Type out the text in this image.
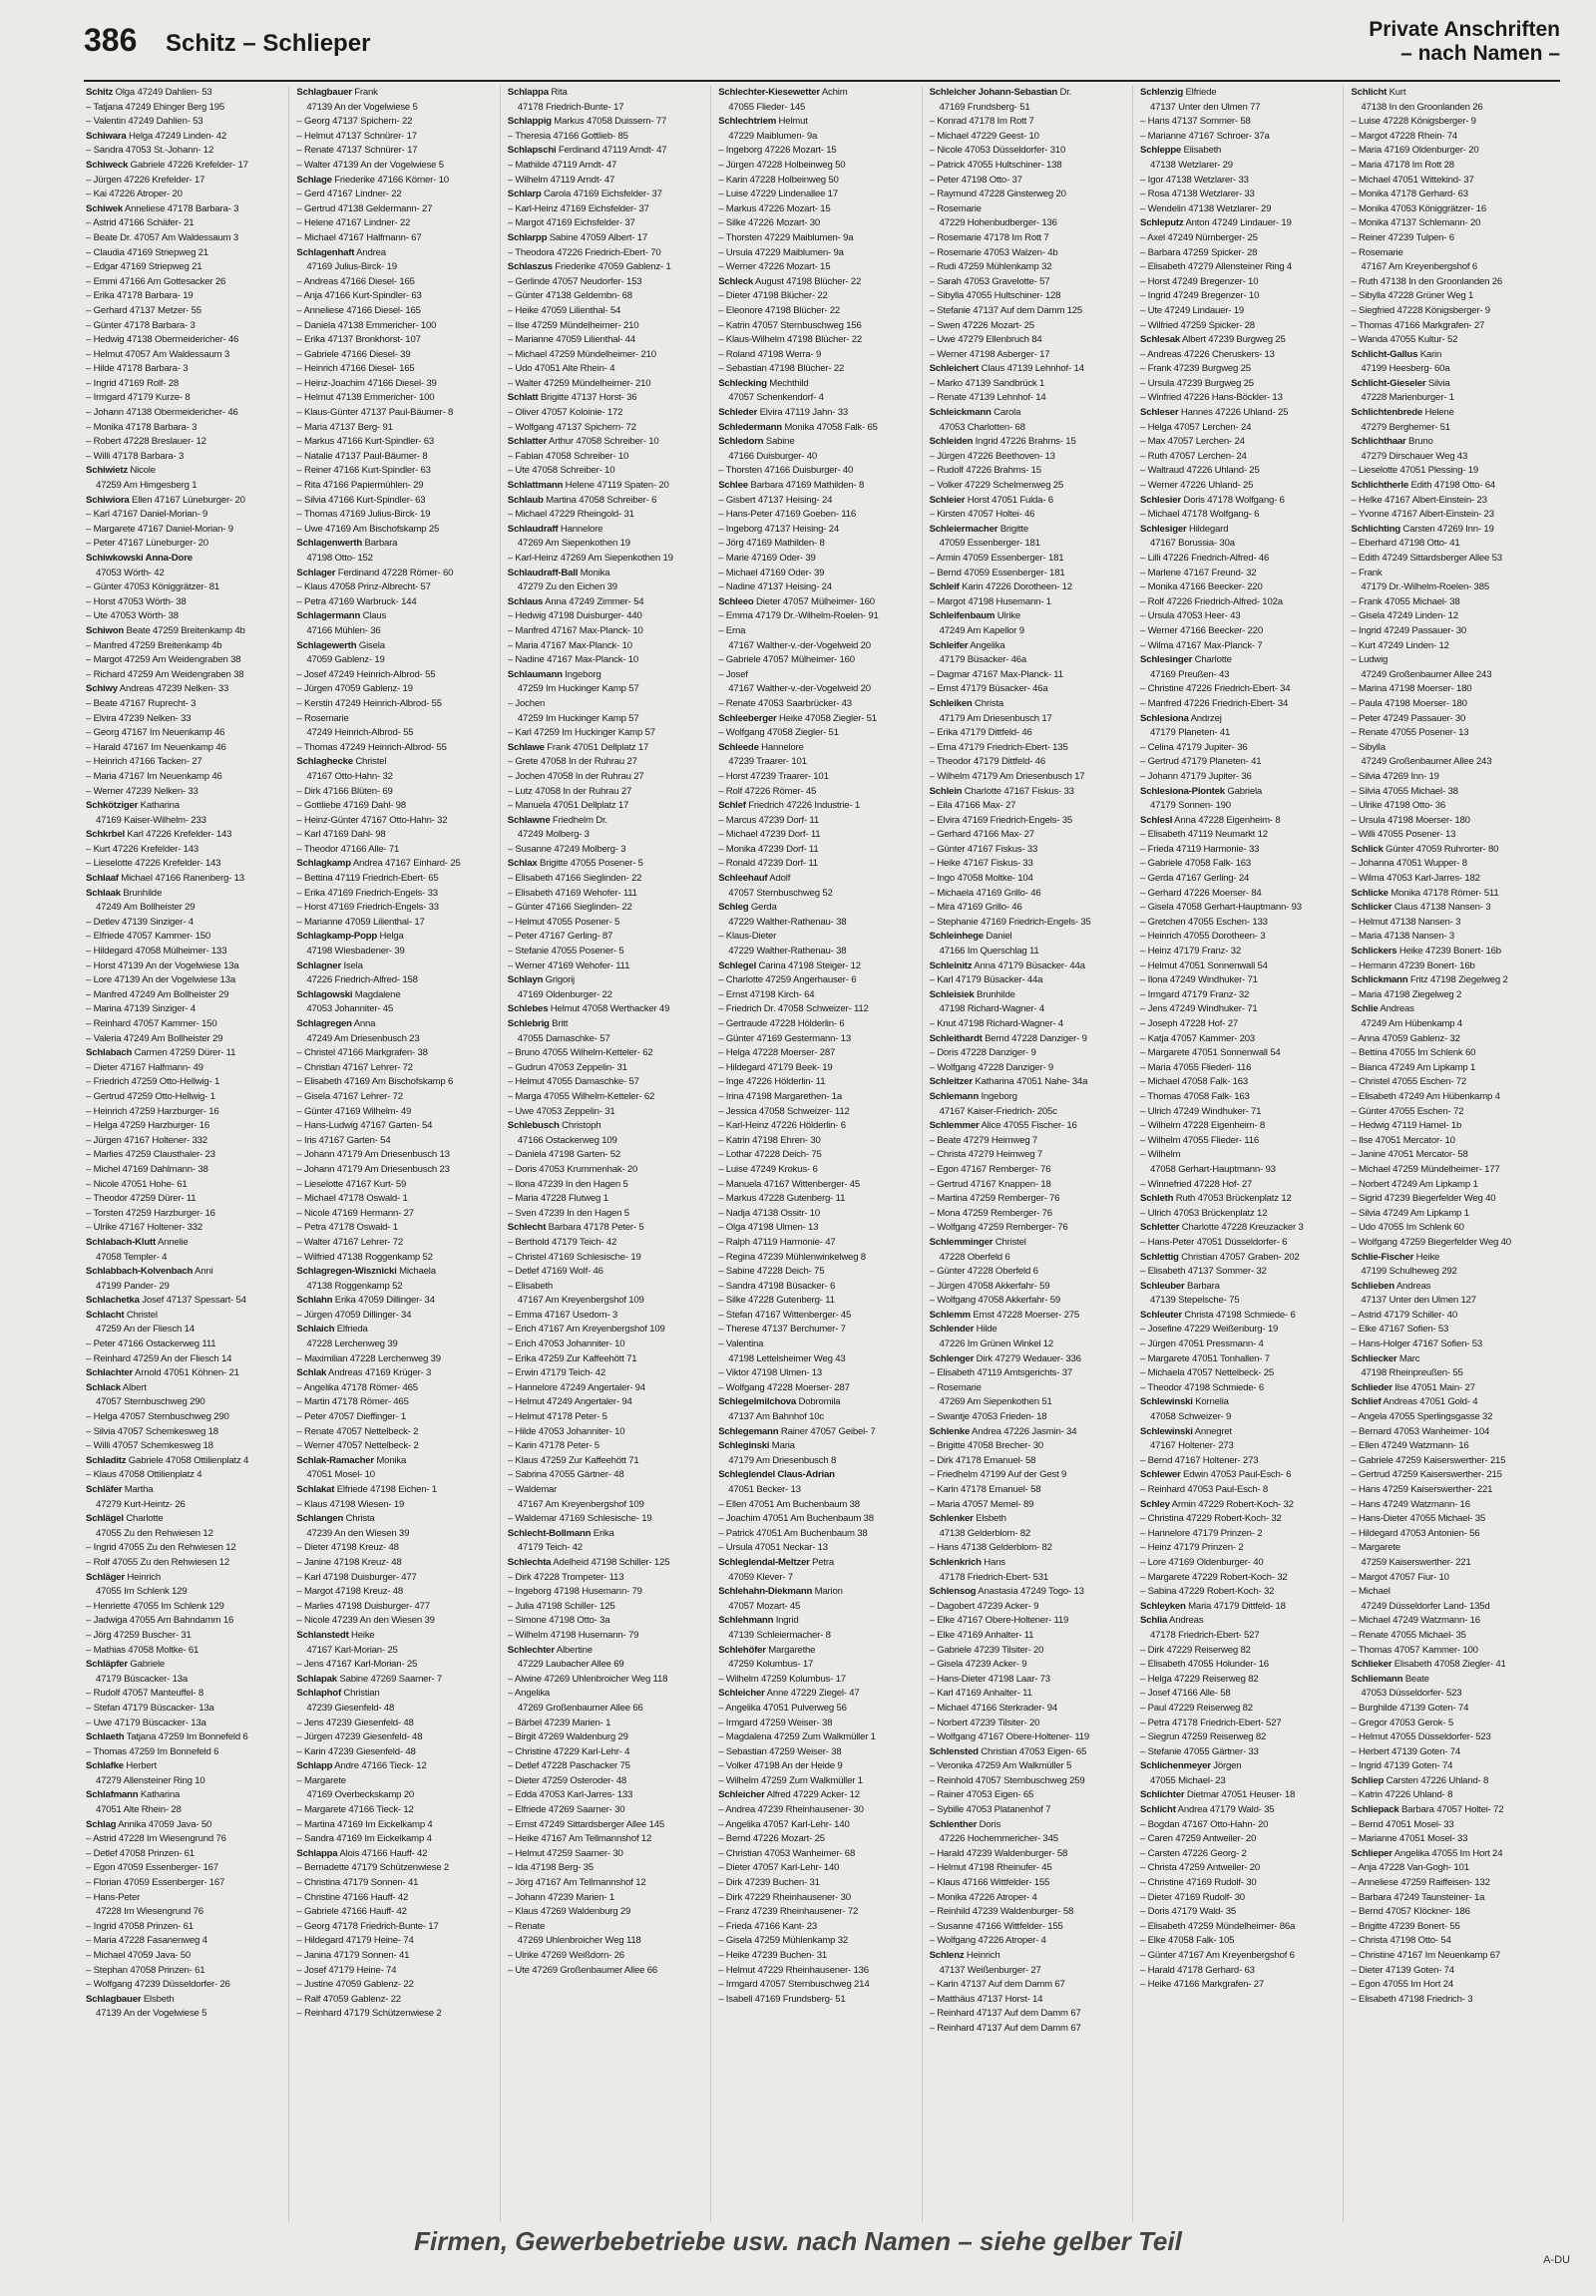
386 Schitz – Schlieper
Private Anschriften
– nach Namen –
Schitz Olga 47249 Dahlien- 53
– Tatjana 47249 Ehinger Berg 195
– Valentin 47249 Dahlien- 53
Schiwara Helga 47249 Linden- 42
– Sandra 47053 St.-Johann- 12
Schiweck Gabriele 47226 Krefelder- 17
– Jürgen 47226 Krefelder- 17
– Kai 47226 Atroper- 20
Schiwek Anneliese 47178 Barbara- 3
– Astrid 47166 Schäfer- 21
– Beate Dr. 47057 Am Waldessaum 3
– Claudia 47169 Striepweg 21
– Edgar 47169 Striepweg 21
– Emmi 47166 Am Gottesacker 26
– Erika 47178 Barbara- 19
– Gerhard 47137 Metzer- 55
– Günter 47178 Barbara- 3
– Hedwig 47138 Obermeidericher- 46
– Helmut 47057 Am Waldessaum 3
– Hilde 47178 Barbara- 3
– Ingrid 47169 Rolf- 28
– Irmgard 47179 Kurze- 8
– Johann 47138 Obermeidericher- 46
– Monika 47178 Barbara- 3
– Robert 47228 Breslauer- 12
– Willi 47178 Barbara- 3
Schiwietz Nicole
47259 Am Himgesberg 1
Schiwiora Ellen 47167 Lüneburger- 20
– Karl 47167 Daniel-Morian- 9
– Margarete 47167 Daniel-Morian- 9
– Peter 47167 Lüneburger- 20
Schiwkowski Anna-Dore
47053 Wörth- 42
– Günter 47053 Königgrätzer- 81
– Horst 47053 Wörth- 38
– Ute 47053 Wörth- 38
Schiwon Beate 47259 Breitenkamp 4b
– Manfred 47259 Breitenkamp 4b
– Margot 47259 Am Weidengraben 38
– Richard 47259 Am Weidengraben 38
Schiwy Andreas 47239 Nelken- 33
– Beate 47167 Ruprecht- 3
– Elvira 47239 Nelken- 33
– Georg 47167 Im Neuenkamp 46
– Harald 47167 Im Neuenkamp 46
– Heinrich 47166 Tacken- 27
– Maria 47167 Im Neuenkamp 46
– Werner 47239 Nelken- 33
Schkötziger Katharina
47169 Kaiser-Wilhelm- 233
Schkrbel Karl 47226 Krefelder- 143
– Kurt 47226 Krefelder- 143
– Lieselotte 47226 Krefelder- 143
Schlaaf Michael 47166 Ranenberg- 13
Schlaak Brunhilde
47249 Am Bollheister 29
– Detlev 47139 Sinziger- 4
– Elfriede 47057 Kammer- 150
– Hildegard 47058 Mülheimer- 133
– Horst 47139 An der Vogelwiese 13a
– Lore 47139 An der Vogelwiese 13a
– Manfred 47249 Am Bollheister 29
– Marina 47139 Sinziger- 4
– Reinhard 47057 Kammer- 150
– Valeria 47249 Am Bollheister 29
Schlabach Carmen 47259 Dürer- 11
– Dieter 47167 Halfmann- 49
– Friedrich 47259 Otto-Hellwig- 1
– Gertrud 47259 Otto-Hellwig- 1
– Heinrich 47259 Harzburger- 16
– Helga 47259 Harzburger- 16
– Jürgen 47167 Holtener- 332
– Marlies 47259 Clausthaler- 23
– Michel 47169 Dahlmann- 38
– Nicole 47051 Hohe- 61
– Theodor 47259 Dürer- 11
– Torsten 47259 Harzburger- 16
– Ulrike 47167 Holtener- 332
Schlabach-Klutt Annelie
47058 Templer- 4
Schlabbach-Kolvenbach Anni
47199 Pander- 29
Schlachetka Josef 47137 Spessart- 54
Schlacht Christel
47259 An der Fliesch 14
– Peter 47166 Ostackerweg 111
– Reinhard 47259 An der Fliesch 14
Schlachter Arnold 47051 Köhnen- 21
Schlack Albert
47057 Sternbuschweg 290
– Helga 47057 Sternbuschweg 290
– Silvia 47057 Schemkesweg 18
– Willi 47057 Schemkesweg 18
Schladitz Gabriele 47058 Ottilienplatz 4
– Klaus 47058 Ottilienplatz 4
Schläfer Martha
47279 Kurt-Heintz- 26
Schlägel Charlotte
47055 Zu den Rehwiesen 12
– Ingrid 47055 Zu den Rehwiesen 12
– Rolf 47055 Zu den Rehwiesen 12
Schläger Heinrich
47055 Im Schlenk 129
– Henriette 47055 Im Schlenk 129
– Jadwiga 47055 Am Bahndamm 16
– Jörg 47259 Buscher- 31
– Mathias 47058 Moltke- 61
Schläpfer Gabriele
47179 Büscacker- 13a
– Rudolf 47057 Manteuffel- 8
– Stefan 47179 Büscacker- 13a
– Uwe 47179 Büscacker- 13a
Schlaeth Tatjana 47259 Im Bonnefeld 6
– Thomas 47259 Im Bonnefeld 6
Schlafke Herbert
47279 Allensteiner Ring 10
Schlafmann Katharina
47051 Alte Rhein- 28
Schlag Annika 47059 Java- 50
– Astrid 47228 Im Wiesengrund 76
– Detlef 47058 Prinzen- 61
– Egon 47059 Essenberger- 167
– Florian 47059 Essenberger- 167
– Hans-Peter
47228 Im Wiesengrund 76
– Ingrid 47058 Prinzen- 61
– Maria 47228 Fasanenweg 4
– Michael 47059 Java- 50
– Stephan 47058 Prinzen- 61
– Wolfgang 47239 Düsseldorfer- 26
Schlagbauer Elsbeth
47139 An der Vogelwiese 5
Schlagbauer Frank
47139 An der Vogelwiese 5
– Georg 47137 Spichern- 22
– Helmut 47137 Schnürer- 17
– Renate 47137 Schnürer- 17
– Walter 47139 An der Vogelwiese 5
Schlage Friederike 47166 Körner- 10
– Gerd 47167 Lindner- 22
– Gertrud 47138 Geldermann- 27
– Helene 47167 Lindner- 22
– Michael 47167 Halfmann- 67
Schlagenhaft Andrea
47169 Julius-Birck- 19
– Andreas 47166 Diesel- 165
– Anja 47166 Kurt-Spindler- 63
– Anneliese 47166 Diesel- 165
– Daniela 47138 Emmericher- 100
– Erika 47137 Bronkhorst- 107
– Gabriele 47166 Diesel- 39
– Heinrich 47166 Diesel- 165
– Heinz-Joachim 47166 Diesel- 39
– Helmut 47138 Emmericher- 100
– Klaus-Günter 47137 Paul-Bäumer- 8
– Maria 47137 Berg- 91
– Markus 47166 Kurt-Spindler- 63
– Natalie 47137 Paul-Bäumer- 8
– Reiner 47166 Kurt-Spindler- 63
– Rita 47166 Papiermühlen- 29
– Silvia 47166 Kurt-Spindler- 63
– Thomas 47169 Julius-Birck- 19
– Uwe 47169 Am Bischofskamp 25
Schlagenwerth Barbara
47198 Otto- 152
Schlager Ferdinand 47228 Römer- 60
– Klaus 47058 Prinz-Albrecht- 57
– Petra 47169 Warbruck- 144
Schlagermann Claus
47166 Mühlen- 36
Schlagewerth Gisela
47059 Gablenz- 19
– Josef 47249 Heinrich-Albrod- 55
– Jürgen 47059 Gablenz- 19
– Kerstin 47249 Heinrich-Albrod- 55
– Rosemarie
47249 Heinrich-Albrod- 55
– Thomas 47249 Heinrich-Albrod- 55
Schlaghecke Christel
47167 Otto-Hahn- 32
– Dirk 47166 Blüten- 69
– Gottliebe 47169 Dahl- 98
– Heinz-Günter 47167 Otto-Hahn- 32
– Karl 47169 Dahl- 98
– Theodor 47166 Alle- 71
Schlagkamp Andrea 47167 Einhard- 25
– Bettina 47119 Friedrich-Ebert- 65
– Erika 47169 Friedrich-Engels- 33
– Horst 47169 Friedrich-Engels- 33
– Marianne 47059 Lilienthal- 17
Schlagkamp-Popp Helga
47198 Wiesbadener- 39
Schlagner Isela
47226 Friedrich-Alfred- 158
Schlagowski Magdalene
47053 Johanniter- 45
Schlagregen Anna
47249 Am Driesenbusch 23
– Christel 47166 Markgrafen- 38
– Christian 47167 Lehrer- 72
– Elisabeth 47169 Am Bischofskamp 6
– Gisela 47167 Lehrer- 72
– Günter 47169 Wilhelm- 49
– Hans-Ludwig 47167 Garten- 54
– Iris 47167 Garten- 54
– Johann 47179 Am Driesenbusch 13
– Johann 47179 Am Driesenbusch 23
– Lieselotte 47167 Kurt- 59
– Michael 47178 Oswald- 1
– Nicole 47169 Hermann- 27
– Petra 47178 Oswald- 1
– Walter 47167 Lehrer- 72
– Wilfried 47138 Roggenkamp 52
Schlagregen-Wisznicki Michaela
47138 Roggenkamp 52
Schlahn Erika 47059 Dillinger- 34
– Jürgen 47059 Dillinger- 34
Schlaich Elfrieda
47228 Lerchenweg 39
– Maximilian 47228 Lerchenweg 39
Schlak Andreas 47169 Krüger- 3
– Angelika 47178 Römer- 465
– Martin 47178 Römer- 465
– Peter 47057 Dieffinger- 1
– Renate 47057 Nettelbeck- 2
– Werner 47057 Nettelbeck- 2
Schlak-Ramacher Monika
47051 Mosel- 10
Schlakat Elfriede 47198 Eichen- 1
– Klaus 47198 Wiesen- 19
Schlangen Christa
47239 An den Wiesen 39
– Dieter 47198 Kreuz- 48
– Janine 47198 Kreuz- 48
– Karl 47198 Duisburger- 477
– Margot 47198 Kreuz- 48
– Marlies 47198 Duisburger- 477
– Nicole 47239 An den Wiesen 39
Schlanstedt Heike
47167 Karl-Morian- 25
– Jens 47167 Karl-Morian- 25
Schlapak Sabine 47269 Saarner- 7
Schlaphof Christian
47239 Giesenfeld- 48
– Jens 47239 Giesenfeld- 48
– Jürgen 47239 Giesenfeld- 48
– Karin 47239 Giesenfeld- 48
Schlapp Andre 47166 Tieck- 12
– Margarete
47169 Overbeckskamp 20
– Margarete 47166 Tieck- 12
– Martina 47169 Im Eickelkamp 4
– Sandra 47169 Im Eickelkamp 4
Schlappa Alois 47166 Hauff- 42
– Bernadette 47179 Schützenwiese 2
– Christina 47179 Sonnen- 41
– Christine 47166 Hauff- 42
– Gabriele 47166 Hauff- 42
– Georg 47178 Friedrich-Bunte- 17
– Hildegard 47179 Heine- 74
– Janina 47179 Sonnen- 41
– Josef 47179 Heine- 74
– Justine 47059 Gablenz- 22
– Ralf 47059 Gablenz- 22
– Reinhard 47179 Schützenwiese 2
Schlappa Rita
47178 Friedrich-Bunte- 17
Schlappig Markus 47058 Duissern- 77
– Theresia 47166 Gottlieb- 85
Schlapschi Ferdinand 47119 Arndt- 47
– Mathilde 47119 Arndt- 47
– Wilhelm 47119 Arndt- 47
Schlarp Carola 47169 Eichsfelder- 37
– Karl-Heinz 47169 Eichsfelder- 37
– Margot 47169 Eichsfelder- 37
Schlarpp Sabine 47059 Albert- 17
– Theodora 47226 Friedrich-Ebert- 70
Schlaszus Friederike 47059 Gablenz- 1
– Gerlinde 47057 Neudorfer- 153
– Günter 47138 Geldernbn- 68
– Heike 47059 Lilienthal- 54
– Ilse 47259 Mündelheimer- 210
– Marianne 47059 Lilienthal- 44
– Michael 47259 Mündelheimer- 210
– Udo 47051 Alte Rhein- 4
– Walter 47259 Mündelheimer- 210
Schlatt Brigitte 47137 Horst- 36
– Oliver 47057 Koloinie- 172
– Wolfgang 47137 Spichern- 72
Schlatter Arthur 47058 Schreiber- 10
– Fabian 47058 Schreiber- 10
– Ute 47058 Schreiber- 10
Schlattmann Helene 47119 Spaten- 20
Schlaub Martina 47058 Schreiber- 6
– Michael 47229 Rheingold- 31
Schlaudraff Hannelore
47269 Am Siepenkothen 19
– Karl-Heinz 47269 Am Siepenkothen 19
Schlaudraff-Ball Monika
47279 Zu den Eichen 39
Schlaus Anna 47249 Zimmer- 54
– Hedwig 47198 Duisburger- 440
– Manfred 47167 Max-Planck- 10
– Maria 47167 Max-Planck- 10
– Nadine 47167 Max-Planck- 10
Schlaumann Ingeborg
47259 Im Huckinger Kamp 57
– Jochen
47259 Im Huckinger Kamp 57
– Karl 47259 Im Huckinger Kamp 57
Schlawe Frank 47051 Dellplatz 17
– Grete 47058 In der Ruhrau 27
– Jochen 47058 In der Ruhrau 27
– Lutz 47058 In der Ruhrau 27
– Manuela 47051 Dellplatz 17
Schlawne Friedhelm Dr.
47249 Molberg- 3
– Susanne 47249 Molberg- 3
Schlax Brigitte 47055 Posener- 5
– Elisabeth 47166 Sieglinden- 22
– Elisabeth 47169 Wehofer- 111
– Günter 47166 Sieglinden- 22
– Helmut 47055 Posener- 5
– Peter 47167 Gerling- 87
– Stefanie 47055 Posener- 5
– Werner 47169 Wehofer- 111
Schlayn Grigorij
47169 Oldenburger- 22
Schlebes Helmut 47058 Werthacker 49
Schlebrig Britt
47055 Damaschke- 57
– Bruno 47055 Wilhelm-Ketteler- 62
– Gudrun 47053 Zeppelin- 31
– Helmut 47055 Damaschke- 57
– Marga 47055 Wilhelm-Ketteler- 62
– Uwe 47053 Zeppelin- 31
Schlebusch Christoph
47166 Ostackerweg 109
– Daniela 47198 Garten- 52
– Doris 47053 Krummenhak- 20
– Ilona 47239 In den Hagen 5
– Maria 47228 Flutweg 1
– Sven 47239 In den Hagen 5
Schlecht Barbara 47178 Peter- 5
– Berthold 47179 Teich- 42
– Christel 47169 Schlesische- 19
– Detlef 47169 Wolf- 46
– Elisabeth
47167 Am Kreyenbergshof 109
– Emma 47167 Usedom- 3
– Erich 47167 Am Kreyenbergshof 109
– Erich 47053 Johanniter- 10
– Erika 47259 Zur Kaffeehött 71
– Erwin 47179 Teich- 42
– Hannelore 47249 Angertaler- 94
– Helmut 47249 Angertaler- 94
– Helmut 47178 Peter- 5
– Hilde 47053 Johanniter- 10
– Karin 47178 Peter- 5
– Klaus 47259 Zur Kaffeehött 71
– Sabrina 47055 Gärtner- 48
– Waldemar
47167 Am Kreyenbergshof 109
– Waldemar 47169 Schlesische- 19
Schlecht-Bollmann Erika
47179 Teich- 42
Schlechta Adelheid 47198 Schiller- 125
– Dirk 47228 Trompeter- 113
– Ingeborg 47198 Husemann- 79
– Julia 47198 Schiller- 125
– Simone 47198 Otto- 3a
– Wilhelm 47198 Husemann- 79
Schlechter Albertine
47229 Laubacher Allee 69
– Alwine 47269 Uhlenbroicher Weg 118
– Angelika
47269 Großenbaumer Allee 66
– Bärbel 47239 Marien- 1
– Birgit 47269 Waldenburg 29
– Christine 47229 Karl-Lehr- 4
– Detlef 47228 Paschacker 75
– Dieter 47259 Osteroder- 48
– Edda 47053 Karl-Jarres- 133
– Elfriede 47269 Saarner- 30
– Ernst 47249 Sittardsberger Allee 145
– Heike 47167 Am Tellmannshof 12
– Helmut 47259 Saarner- 30
– Ida 47198 Berg- 35
– Jörg 47167 Am Tellmannshof 12
– Johann 47239 Marien- 1
– Klaus 47269 Waldenburg 29
– Renate
47269 Uhlenbroicher Weg 118
– Ulrike 47269 Weißdorn- 26
– Ute 47269 Großenbaumer Allee 66
Schlechter-Kiesewetter Achim
47055 Flieder- 145
Schlechtriem Helmut
47229 Maiblumen- 9a
– Ingeborg 47226 Mozart- 15
– Jürgen 47228 Holbeinweg 50
– Karin 47228 Holbeinweg 50
– Luise 47229 Lindenallee 17
– Markus 47226 Mozart- 15
– Silke 47226 Mozart- 30
– Thorsten 47229 Maiblumen- 9a
– Ursula 47229 Maiblumen- 9a
– Werner 47226 Mozart- 15
Schleck August 47198 Blücher- 22
– Dieter 47198 Blücher- 22
– Eleonore 47198 Blücher- 22
– Katrin 47057 Sternbuschweg 156
– Klaus-Wilhelm 47198 Blücher- 22
– Roland 47198 Werra- 9
– Sebastian 47198 Blücher- 22
Schlecking Mechthild
47057 Schenkendorf- 4
Schleder Elvira 47119 Jahn- 33
Schledermann Monika 47058 Falk- 65
Schledorn Sabine
47166 Duisburger- 40
– Thorsten 47166 Duisburger- 40
Schlee Barbara 47169 Mathilden- 8
– Gisbert 47137 Heising- 24
– Hans-Peter 47169 Goeben- 116
– Ingeborg 47137 Heising- 24
– Jörg 47169 Mathilden- 8
– Marie 47169 Oder- 39
– Michael 47169 Oder- 39
– Nadine 47137 Heising- 24
Schleeo Dieter 47057 Mülheimer- 160
– Emma 47179 Dr.-Wilhelm-Roelen- 91
– Erna
47167 Walther-v.-der-Vogelweid 20
– Gabriele 47057 Mülheimer- 160
– Josef
47167 Walther-v.-der-Vogelweid 20
– Renate 47053 Saarbrücker- 43
Schleeberger Heike 47058 Ziegler- 51
– Wolfgang 47058 Ziegler- 51
Schleede Hannelore
47239 Traarer- 101
– Horst 47239 Traarer- 101
– Rolf 47226 Römer- 45
Schlef Friedrich 47226 Industrie- 1
– Marcus 47239 Dorf- 11
– Michael 47239 Dorf- 11
– Monika 47239 Dorf- 11
– Ronald 47239 Dorf- 11
Schleehauf Adolf
47057 Sternbuschweg 52
Schleg Gerda
47229 Walther-Rathenau- 38
– Klaus-Dieter
47229 Walther-Rathenau- 38
Schlegel Carina 47198 Steiger- 12
– Charlotte 47259 Angerhauser- 6
– Ernst 47198 Kirch- 64
– Friedrich Dr. 47058 Schweizer- 112
– Gertraude 47228 Hölderlin- 6
– Günter 47169 Gestermann- 13
– Helga 47228 Moerser- 287
– Hildegard 47179 Beek- 19
– Inge 47226 Hölderlin- 11
– Irina 47198 Margarethen- 1a
– Jessica 47058 Schweizer- 112
– Karl-Heinz 47226 Hölderlin- 6
– Katrin 47198 Ehren- 30
– Lothar 47228 Deich- 75
– Luise 47249 Krokus- 6
– Manuela 47167 Wittenberger- 45
– Markus 47228 Gutenberg- 11
– Nadja 47138 Ossitr- 10
– Olga 47198 Ulmen- 13
– Ralph 47119 Harmonie- 47
– Regina 47239 Mühlenwinkelweg 8
– Sabine 47228 Deich- 75
– Sandra 47198 Büsacker- 6
– Silke 47228 Gutenberg- 11
– Stefan 47167 Wittenberger- 45
– Therese 47137 Berchumer- 7
– Valentina
47198 Lettelsheimer Weg 43
– Viktor 47198 Ulmen- 13
– Wolfgang 47228 Moerser- 287
Schlegelmilchova Dobromila
47137 Am Bahnhof 10c
Schlegemann Rainer 47057 Geibel- 7
Schleginski Maria
47179 Am Driesenbusch 8
Schleglendel Claus-Adrian
47051 Becker- 13
– Ellen 47051 Am Buchenbaum 38
– Joachim 47051 Am Buchenbaum 38
– Patrick 47051 Am Buchenbaum 38
– Ursula 47051 Neckar- 13
Schleglendal-Meltzer Petra
47059 Klever- 7
Schlehahn-Diekmann Marion
47057 Mozart- 45
Schlehmann Ingrid
47139 Schleiermacher- 8
Schlehöfer Margarethe
47259 Kolumbus- 17
– Wilhelm 47259 Kolumbus- 17
Schleicher Anne 47229 Ziegel- 47
– Angelika 47051 Pulverweg 56
– Irmgard 47259 Weiser- 38
– Magdalena 47259 Zum Walkmüller 1
– Sebastian 47259 Weiser- 38
– Volker 47198 An der Heide 9
– Wilhelm 47259 Zum Walkmüller 1
Schleicher Alfred 47229 Acker- 12
– Andrea 47239 Rheinhausener- 30
– Angelika 47057 Karl-Lehr- 140
– Bernd 47226 Mozart- 25
– Christian 47053 Wanheimer- 68
– Dieter 47057 Karl-Lehr- 140
– Dirk 47239 Buchen- 31
– Dirk 47229 Rheinhausener- 30
– Franz 47239 Rheinhausener- 72
– Frieda 47166 Kant- 23
– Gisela 47259 Mühlenkamp 32
– Heike 47239 Buchen- 31
– Helmut 47229 Rheinhausener- 136
– Irmgard 47057 Sternbuschweg 214
– Isabell 47169 Frundsberg- 51
Schleicher Johann-Sebastian Dr.
47169 Frundsberg- 51
– Konrad 47178 Im Rott 7
– Michael 47229 Geest- 10
– Nicole 47053 Düsseldorfer- 310
– Patrick 47055 Hultschiner- 138
– Peter 47198 Otto- 37
– Raymund 47228 Ginsterweg 20
– Rosemarie
47229 Hohenbudberger- 136
– Rosemarie 47178 Im Rott 7
– Rosemarie 47053 Walzen- 4b
– Rudi 47259 Mühlenkamp 32
– Sarah 47053 Gravelotte- 57
– Sibylla 47055 Hultschiner- 128
– Stefanie 47137 Auf dem Damm 125
– Swen 47226 Mozart- 25
– Uwe 47279 Ellenbruch 84
– Werner 47198 Asberger- 17
Schleichert Claus 47139 Lehnhof- 14
– Marko 47139 Sandbrück 1
– Renate 47139 Lehnhof- 14
Schleickmann Carola
47053 Charlotten- 68
Schleiden Ingrid 47226 Brahms- 15
– Jürgen 47226 Beethoven- 13
– Rudolf 47226 Brahms- 15
– Volker 47229 Schelmenweg 25
Schleier Horst 47051 Fulda- 6
– Kirsten 47057 Holtei- 46
Schleiermacher Brigitte
47059 Essenberger- 181
– Armin 47059 Essenberger- 181
– Bernd 47059 Essenberger- 181
Schleif Karin 47226 Dorotheen- 12
– Margot 47198 Husemann- 1
Schleifenbaum Ulrike
47249 Am Kapellor 9
Schleifer Angelika
47179 Büsacker- 46a
– Dagmar 47167 Max-Planck- 11
– Ernst 47179 Büsacker- 46a
Schleiken Christa
47179 Am Driesenbusch 17
– Erika 47179 Dittfeld- 46
– Erna 47179 Friedrich-Ebert- 135
– Theodor 47179 Dittfeld- 46
– Wilhelm 47179 Am Driesenbusch 17
Schlein Charlotte 47167 Fiskus- 33
– Eila 47166 Max- 27
– Elvira 47169 Friedrich-Engels- 35
– Gerhard 47166 Max- 27
– Günter 47167 Fiskus- 33
– Heike 47167 Fiskus- 33
– Ingo 47058 Moltke- 104
– Michaela 47169 Grillo- 46
– Mira 47169 Grillo- 46
– Stephanie 47169 Friedrich-Engels- 35
Schleinhege Daniel
47166 Im Querschlag 11
Schleinitz Anna 47179 Büsacker- 44a
– Karl 47179 Büsacker- 44a
Schleisiek Brunhilde
47198 Richard-Wagner- 4
– Knut 47198 Richard-Wagner- 4
Schleithardt Bernd 47228 Danziger- 9
– Doris 47228 Danziger- 9
– Wolfgang 47228 Danziger- 9
Schleitzer Katharina 47051 Nahe- 34a
Schlemann Ingeborg
47167 Kaiser-Friedrich- 205c
Schlemmer Alice 47055 Fischer- 16
– Beate 47279 Heimweg 7
– Christa 47279 Heimweg 7
– Egon 47167 Remberger- 76
– Gertrud 47167 Knappen- 18
– Martina 47259 Remberger- 76
– Mona 47259 Remberger- 76
– Wolfgang 47259 Remberger- 76
Schlemminger Christel
47228 Oberfeld 6
– Günter 47228 Oberfeld 6
– Jürgen 47058 Akkerfahr- 59
– Wolfgang 47058 Akkerfahr- 59
Schlemm Ernst 47228 Moerser- 275
Schlender Hilde
47226 Im Grünen Winkel 12
Schlenger Dirk 47279 Wedauer- 336
– Elisabeth 47119 Amtsgerichts- 37
– Rosemarie
47269 Am Siepenkothen 51
– Swantje 47053 Frieden- 18
Schlenke Andrea 47226 Jasmin- 34
– Brigitte 47058 Brecher- 30
– Dirk 47178 Emanuel- 58
– Friedhelm 47199 Auf der Gest 9
– Karin 47178 Emanuel- 58
– Maria 47057 Memel- 89
Schlenker Elsbeth
47138 Gelderblom- 82
– Hans 47138 Gelderblom- 82
Schlenkrich Hans
47178 Friedrich-Ebert- 531
Schlensog Anastasia 47249 Togo- 13
– Dagobert 47239 Acker- 9
– Elke 47167 Obere-Holtener- 119
– Elke 47169 Anhalter- 11
– Gabriele 47239 Tilsiter- 20
– Gisela 47239 Acker- 9
– Hans-Dieter 47198 Laar- 73
– Karl 47169 Anhalter- 11
– Michael 47166 Sterkrader- 94
– Norbert 47239 Tilsiter- 20
– Wolfgang 47167 Obere-Holtener- 119
Schlensted Christian 47053 Eigen- 65
– Veronika 47259 Am Walkmüller 5
– Reinhold 47057 Sternbuschweg 259
– Rainer 47053 Eigen- 65
– Sybille 47053 Platanenhof 7
Schlenther Doris
47226 Hochemmericher- 345
– Harald 47239 Waldenburger- 58
– Helmut 47198 Rheinufer- 45
– Klaus 47166 Wittfelder- 155
– Monika 47226 Atroper- 4
– Reinhild 47239 Waldenburger- 58
– Susanne 47166 Wittfelder- 155
– Wolfgang 47226 Atroper- 4
Schlenz Heinrich
47137 Weißenburger- 27
– Karin 47137 Auf dem Damm 67
– Matthäus 47137 Horst- 14
– Reinhard 47137 Auf dem Damm 67
– Reinhard 47137 Auf dem Damm 67
Schlenzig Elfriede
47137 Unter den Ulmen 77
– Hans 47137 Sommer- 58
– Marianne 47167 Schroer- 37a
Schleppe Elisabeth
47138 Wetzlarer- 29
– Igor 47138 Wetzlarer- 33
– Rosa 47138 Wetzlarer- 33
– Wendelin 47138 Wetzlarer- 29
Schleputz Anton 47249 Lindauer- 19
– Axel 47249 Nürnberger- 25
– Barbara 47259 Spicker- 28
– Elisabeth 47279 Allensteiner Ring 4
– Horst 47249 Bregenzer- 10
– Ingrid 47249 Bregenzer- 10
– Ute 47249 Lindauer- 19
– Wilfried 47259 Spicker- 28
Schlesak Albert 47239 Burgweg 25
– Andreas 47226 Cheruskers- 13
– Frank 47239 Burgweg 25
– Ursula 47239 Burgweg 25
– Winfried 47226 Hans-Böckler- 13
Schleser Hannes 47226 Uhland- 25
– Helga 47057 Lerchen- 24
– Max 47057 Lerchen- 24
– Ruth 47057 Lerchen- 24
– Waltraud 47226 Uhland- 25
– Werner 47226 Uhland- 25
Schlesier Doris 47178 Wolfgang- 6
– Michael 47178 Wolfgang- 6
Schlesiger Hildegard
47167 Borussia- 30a
– Lilli 47226 Friedrich-Alfred- 46
– Marlene 47167 Freund- 32
– Monika 47166 Beecker- 220
– Rolf 47226 Friedrich-Alfred- 102a
– Ursula 47053 Heer- 43
– Werner 47166 Beecker- 220
– Wilma 47167 Max-Planck- 7
Schlesinger Charlotte
47169 Preußen- 43
– Christine 47226 Friedrich-Ebert- 34
– Manfred 47226 Friedrich-Ebert- 34
Schlesiona Andrzej
47179 Planeten- 41
– Celina 47179 Jupiter- 36
– Gertrud 47179 Planeten- 41
– Johann 47179 Jupiter- 36
Schlesiona-Piontek Gabriela
47179 Sonnen- 190
Schlesl Anna 47228 Eigenheim- 8
– Elisabeth 47119 Neumarkt 12
– Frieda 47119 Harmonie- 33
– Gabriele 47058 Falk- 163
– Gerda 47167 Gerling- 24
– Gerhard 47226 Moerser- 84
– Gisela 47058 Gerhart-Hauptmann- 93
– Gretchen 47055 Eschen- 133
– Heinrich 47055 Dorotheen- 3
– Heinz 47179 Franz- 32
– Helmut 47051 Sonnenwall 54
– Ilona 47249 Windhuker- 71
– Irmgard 47179 Franz- 32
– Jens 47249 Windhuker- 71
– Joseph 47228 Hof- 27
– Katja 47057 Kammer- 203
– Margarete 47051 Sonnenwall 54
– Maria 47055 Fliederl- 116
– Michael 47058 Falk- 163
– Thomas 47058 Falk- 163
– Ulrich 47249 Windhuker- 71
– Wilhelm 47228 Eigenheim- 8
– Wilhelm 47055 Flieder- 116
– Wilhelm
47058 Gerhart-Hauptmann- 93
– Winnefried 47228 Hof- 27
Schleth Ruth 47053 Brückenplatz 12
– Ulrich 47053 Brückenplatz 12
Schletter Charlotte 47228 Kreuzacker 3
– Hans-Peter 47051 Düsseldorfer- 6
Schlettig Christian 47057 Graben- 202
– Elisabeth 47137 Sommer- 32
Schleuber Barbara
47139 Stepelsche- 75
Schleuter Christa 47198 Schmiede- 6
– Josefine 47229 Weißenburg- 19
– Jürgen 47051 Pressmann- 4
– Margarete 47051 Tonhallen- 7
– Michaela 47057 Nettelbeck- 25
– Theodor 47198 Schmiede- 6
Schlewinski Kornelia
47058 Schweizer- 9
Schlewinski Annegret
47167 Holtener- 273
– Bernd 47167 Holtener- 273
Schlewer Edwin 47053 Paul-Esch- 6
– Reinhard 47053 Paul-Esch- 8
Schley Armin 47229 Robert-Koch- 32
– Christina 47229 Robert-Koch- 32
– Hannelore 47179 Prinzen- 2
– Heinz 47179 Prinzen- 2
– Lore 47169 Oldenburger- 40
– Margarete 47229 Robert-Koch- 32
– Sabina 47229 Robert-Koch- 32
Schleyken Maria 47179 Dittfeld- 18
Schlia Andreas
47178 Friedrich-Ebert- 527
– Dirk 47229 Reiserweg 82
– Elisabeth 47055 Holunder- 16
– Helga 47229 Reiserweg 82
– Josef 47166 Alle- 58
– Paul 47229 Reiserweg 82
– Petra 47178 Friedrich-Ebert- 527
– Siegrun 47259 Reiserweg 82
– Stefanie 47055 Gärtner- 33
Schlichenmeyer Jörgen
47055 Michael- 23
Schlichter Dietmar 47051 Heuser- 18
Schlicht Andrea 47179 Wald- 35
– Bogdan 47167 Otto-Hahn- 20
– Caren 47259 Antweiler- 20
– Carsten 47226 Georg- 2
– Christa 47259 Antweiler- 20
– Christine 47169 Rudolf- 30
– Dieter 47169 Rudolf- 30
– Doris 47179 Wald- 35
– Elisabeth 47259 Mündelheimer- 86a
– Elke 47058 Falk- 105
– Günter 47167 Am Kreyenbergshof 6
– Harald 47178 Gerhard- 63
– Heike 47166 Markgrafen- 27
Schlicht Kurt
47138 In den Groonlanden 26
– Luise 47228 Königsberger- 9
– Margot 47228 Rhein- 74
– Maria 47169 Oldenburger- 20
– Maria 47178 Im Rott 28
– Michael 47051 Wittekind- 37
– Monika 47178 Gerhard- 63
– Monika 47053 Königgrätzer- 16
– Monika 47137 Schlemann- 20
– Reiner 47239 Tulpen- 6
– Rosemarie
47167 Am Kreyenbergshof 6
– Ruth 47138 In den Groonlanden 26
– Sibylla 47228 Grüner Weg 1
– Siegfried 47228 Königsberger- 9
– Thomas 47166 Markgrafen- 27
– Wanda 47055 Kultur- 52
Schlicht-Gallus Karin
47199 Heesberg- 60a
Schlicht-Gieseler Silvia
47228 Marienburger- 1
Schlichtenbrede Helene
47279 Berghemer- 51
Schlichthaar Bruno
47279 Dirschauer Weg 43
– Lieselotte 47051 Plessing- 19
Schlichtherle Edith 47198 Otto- 64
– Helke 47167 Albert-Einstein- 23
– Yvonne 47167 Albert-Einstein- 23
Schlichting Carsten 47269 Inn- 19
– Eberhard 47198 Otto- 41
– Edith 47249 Sittardsberger Allee 53
– Frank
47179 Dr.-Wilhelm-Roelen- 385
– Frank 47055 Michael- 38
– Gisela 47249 Linden- 12
– Ingrid 47249 Passauer- 30
– Kurt 47249 Linden- 12
– Ludwig
47249 Großenbaumer Allee 243
– Marina 47198 Moerser- 180
– Paula 47198 Moerser- 180
– Peter 47249 Passauer- 30
– Renate 47055 Posener- 13
– Sibylla
47249 Großenbaumer Allee 243
– Silvia 47269 Inn- 19
– Silvia 47055 Michael- 38
– Ulrike 47198 Otto- 36
– Ursula 47198 Moerser- 180
– Willi 47055 Posener- 13
Schlick Günter 47059 Ruhrorter- 80
– Johanna 47051 Wupper- 8
– Wilma 47053 Karl-Jarres- 182
Schlicke Monika 47178 Römer- 511
Schlicker Claus 47138 Nansen- 3
– Helmut 47138 Nansen- 3
– Maria 47138 Nansen- 3
Schlickers Heike 47239 Bonert- 16b
– Hermann 47239 Bonert- 16b
Schlickmann Fritz 47198 Ziegelweg 2
– Maria 47198 Ziegelweg 2
Schlie Andreas
47249 Am Hübenkamp 4
– Anna 47059 Gablenz- 32
– Bettina 47055 Im Schlenk 60
– Bianca 47249 Am Lipkamp 1
– Christel 47055 Eschen- 72
– Elisabeth 47249 Am Hübenkamp 4
– Günter 47055 Eschen- 72
– Hedwig 47119 Hamel- 1b
– Ilse 47051 Mercator- 10
– Janine 47051 Mercator- 58
– Michael 47259 Mündelheimer- 177
– Norbert 47249 Am Lipkamp 1
– Sigrid 47239 Biegerfelder Weg 40
– Silvia 47249 Am Lipkamp 1
– Udo 47055 Im Schlenk 60
– Wolfgang 47259 Biegerfelder Weg 40
Schlie-Fischer Heike
47199 Schulheweg 292
Schlieben Andreas
47137 Unter den Ulmen 127
– Astrid 47179 Schiller- 40
– Elke 47167 Sofien- 53
– Hans-Holger 47167 Sofien- 53
Schliecker Marc
47198 Rheinpreußen- 55
Schlieder Ilse 47051 Main- 27
Schlief Andreas 47051 Gold- 4
– Angela 47055 Sperlingsgasse 32
– Bernard 47053 Wanheimer- 104
– Ellen 47249 Watzmann- 16
– Gabriele 47259 Kaiserswerther- 215
– Gertrud 47259 Kaiserswerther- 215
– Hans 47259 Kaiserswerther- 221
– Hans 47249 Watzmann- 16
– Hans-Dieter 47055 Michael- 35
– Hildegard 47053 Antonien- 56
– Margarete
47259 Kaiserswerther- 221
– Margot 47057 Fiur- 10
– Michael
47249 Düsseldorfer Land- 135d
– Michael 47249 Watzmann- 16
– Renate 47055 Michael- 35
– Thomas 47057 Kammer- 100
Schlieker Elisabeth 47058 Ziegler- 41
Schliemann Beate
47053 Düsseldorfer- 523
– Burghilde 47139 Goten- 74
– Gregor 47053 Gerok- 5
– Helmut 47055 Düsseldorfer- 523
– Herbert 47139 Goten- 74
– Ingrid 47139 Goten- 74
Schliep Carsten 47226 Uhland- 8
– Katrin 47226 Uhland- 8
Schliepack Barbara 47057 Holtei- 72
– Bernd 47051 Mosel- 33
– Marianne 47051 Mosel- 33
Schlieper Angelika 47055 Im Hort 24
– Anja 47228 Van-Gogh- 101
– Anneliese 47259 Raiffeisen- 132
– Barbara 47249 Taunsteiner- 1a
– Bernd 47057 Klöckner- 186
– Brigitte 47239 Bonert- 55
– Christa 47198 Otto- 54
– Christine 47167 Im Neuenkamp 67
– Dieter 47139 Goten- 74
– Egon 47055 Im Hort 24
– Elisabeth 47198 Friedrich- 3
Firmen, Gewerbebetriebe usw. nach Namen – siehe gelber Teil
A-DU
